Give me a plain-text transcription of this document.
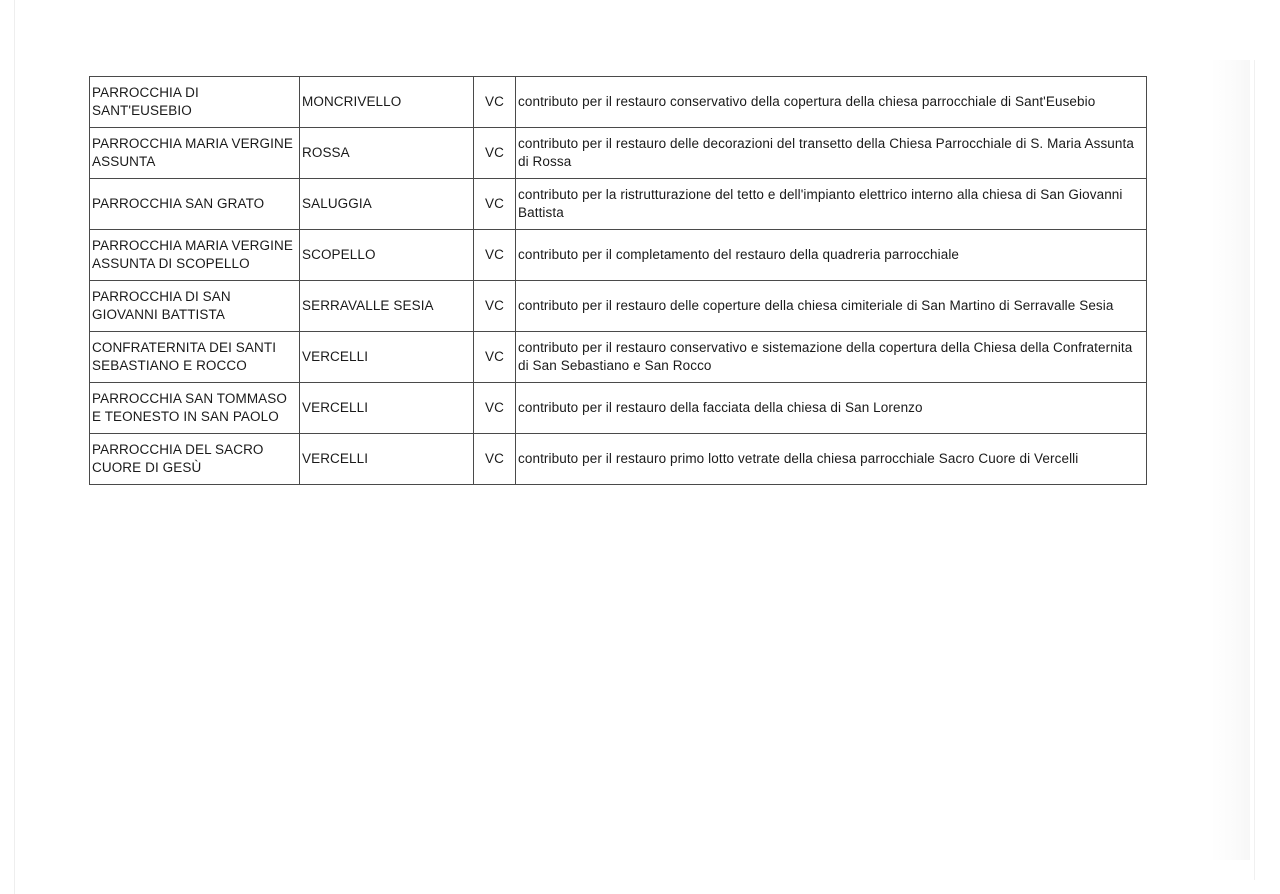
PARROCCHIA DI SANT'EUSEBIO	MONCRIVELLO	VC	contributo per il restauro conservativo della copertura della chiesa parrocchiale di Sant'Eusebio
PARROCCHIA MARIA VERGINE ASSUNTA	ROSSA	VC	contributo per il restauro delle decorazioni del transetto della Chiesa Parrocchiale di S. Maria Assunta di Rossa
PARROCCHIA SAN GRATO	SALUGGIA	VC	contributo per la ristrutturazione del tetto e dell'impianto elettrico interno alla chiesa di San Giovanni Battista
PARROCCHIA MARIA VERGINE ASSUNTA DI SCOPELLO	SCOPELLO	VC	contributo per il completamento del restauro della quadreria parrocchiale
PARROCCHIA DI SAN GIOVANNI BATTISTA	SERRAVALLE SESIA	VC	contributo per il restauro delle coperture della chiesa cimiteriale di San Martino di Serravalle Sesia
CONFRATERNITA DEI SANTI SEBASTIANO E ROCCO	VERCELLI	VC	contributo per il restauro conservativo e sistemazione della copertura della Chiesa della Confraternita di San Sebastiano e San Rocco
PARROCCHIA SAN TOMMASO E TEONESTO IN SAN PAOLO	VERCELLI	VC	contributo per il restauro della facciata della chiesa di San Lorenzo
PARROCCHIA DEL SACRO CUORE DI GESÙ	VERCELLI	VC	contributo per il restauro primo lotto vetrate della chiesa parrocchiale Sacro Cuore di Vercelli
